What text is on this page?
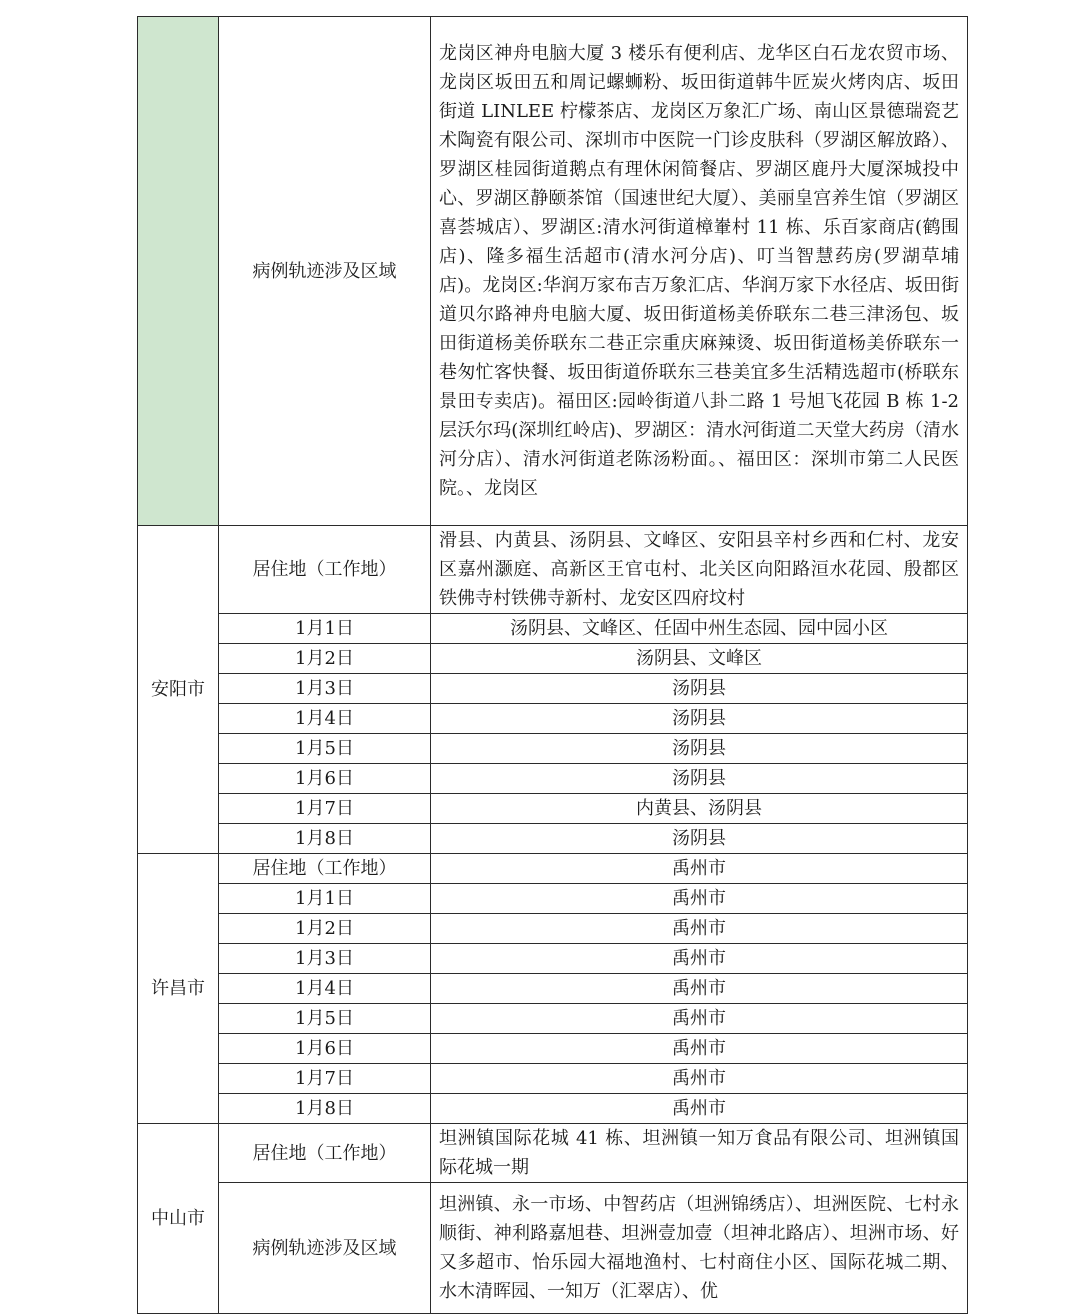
	病例轨迹涉及区域	龙岗区神舟电脑大厦 3 楼乐有便利店、龙华区白石龙农贸市场、龙岗区坂田五和周记螺蛳粉、坂田街道韩牛匠炭火烤肉店、坂田街道 LINLEE 柠檬茶店、龙岗区万象汇广场、南山区景德瑞瓷艺术陶瓷有限公司、深圳市中医院一门诊皮肤科（罗湖区解放路）、罗湖区桂园街道鹅点有理休闲简餐店、罗湖区鹿丹大厦深城投中心、罗湖区静颐茶馆（国速世纪大厦）、美丽皇宫养生馆（罗湖区喜荟城店）、罗湖区:清水河街道樟輋村 11 栋、乐百家商店(鹤围店)、隆多福生活超市(清水河分店)、叮当智慧药房(罗湖草埔店)。龙岗区:华润万家布吉万象汇店、华润万家下水径店、坂田街道贝尔路神舟电脑大厦、坂田街道杨美侨联东二巷三津汤包、坂田街道杨美侨联东二巷正宗重庆麻辣烫、坂田街道杨美侨联东一巷匆忙客快餐、坂田街道侨联东三巷美宜多生活精选超市(桥联东景田专卖店)。福田区:园岭街道八卦二路 1 号旭飞花园 B 栋 1-2 层沃尔玛(深圳红岭店)、罗湖区：清水河街道二天堂大药房（清水河分店）、清水河街道老陈汤粉面。、福田区：深圳市第二人民医院。、龙岗区
安阳市	居住地（工作地）	滑县、内黄县、汤阴县、文峰区、安阳县辛村乡西和仁村、龙安区嘉州灏庭、高新区王官屯村、北关区向阳路洹水花园、殷都区铁佛寺村铁佛寺新村、龙安区四府坟村
	1月1日	汤阴县、文峰区、任固中州生态园、园中园小区
	1月2日	汤阴县、文峰区
	1月3日	汤阴县
	1月4日	汤阴县
	1月5日	汤阴县
	1月6日	汤阴县
	1月7日	内黄县、汤阴县
	1月8日	汤阴县
许昌市	居住地（工作地）	禹州市
	1月1日	禹州市
	1月2日	禹州市
	1月3日	禹州市
	1月4日	禹州市
	1月5日	禹州市
	1月6日	禹州市
	1月7日	禹州市
	1月8日	禹州市
中山市	居住地（工作地）	坦洲镇国际花城 41 栋、坦洲镇一知万食品有限公司、坦洲镇国际花城一期
	病例轨迹涉及区域	坦洲镇、永一市场、中智药店（坦洲锦绣店）、坦洲医院、七村永顺街、神利路嘉旭巷、坦洲壹加壹（坦神北路店）、坦洲市场、好又多超市、怡乐园大福地渔村、七村商住小区、国际花城二期、水木清晖园、一知万（汇翠店）、优
